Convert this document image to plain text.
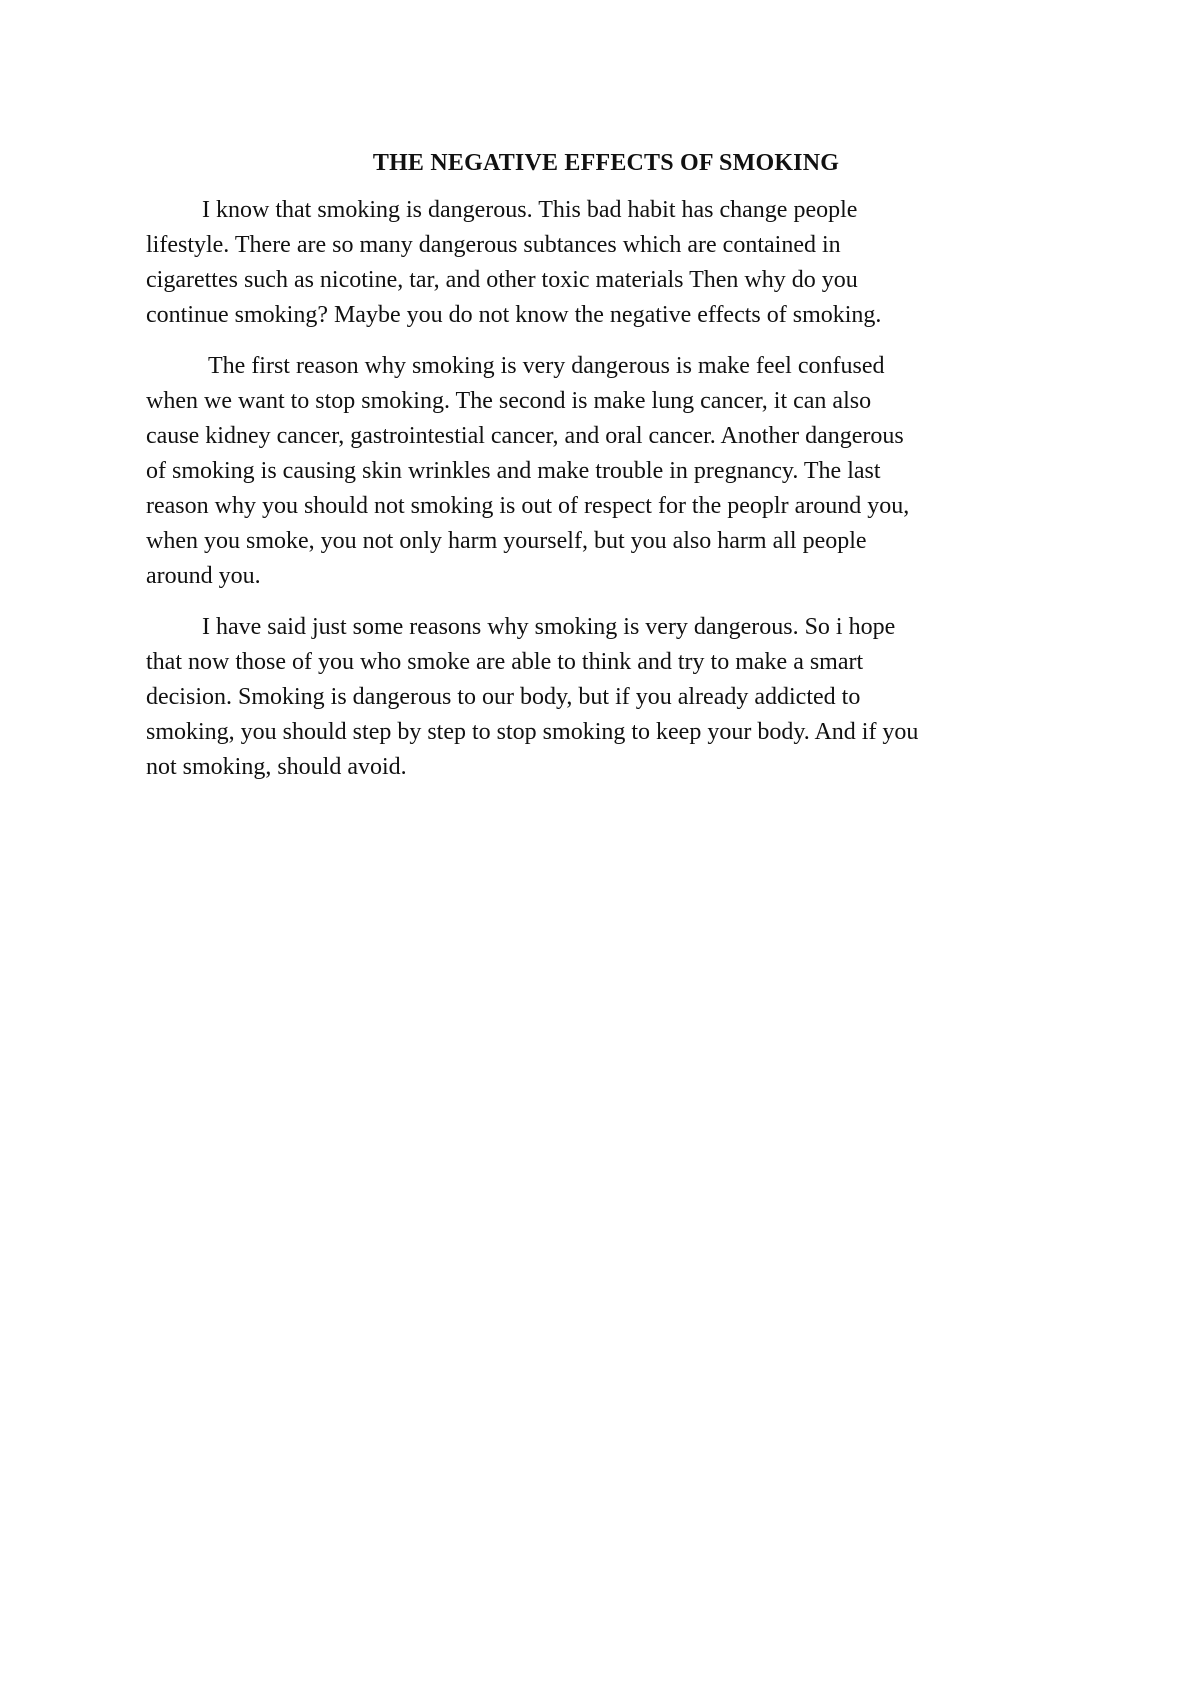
THE NEGATIVE EFFECTS OF SMOKING

I know that smoking is dangerous. This bad habit has change people
lifestyle. There are so many dangerous subtances which are contained in
cigarettes such as nicotine, tar, and other toxic materials Then why do you
continue smoking? Maybe you do not know the negative effects of smoking.

The first reason why smoking is very dangerous is make feel confused
when we want to stop smoking. The second is make lung cancer, it can also
cause kidney cancer, gastrointestial cancer, and oral cancer. Another dangerous
of smoking is causing skin wrinkles and make trouble in pregnancy. The last
reason why you should not smoking is out of respect for the peoplr around you,
when you smoke, you not only harm yourself, but you also harm all people
around you.

I have said just some reasons why smoking is very dangerous. So i hope
that now those of you who smoke are able to think and try to make a smart
decision. Smoking is dangerous to our body, but if you already addicted to
smoking, you should step by step to stop smoking to keep your body. And if you
not smoking, should avoid.
